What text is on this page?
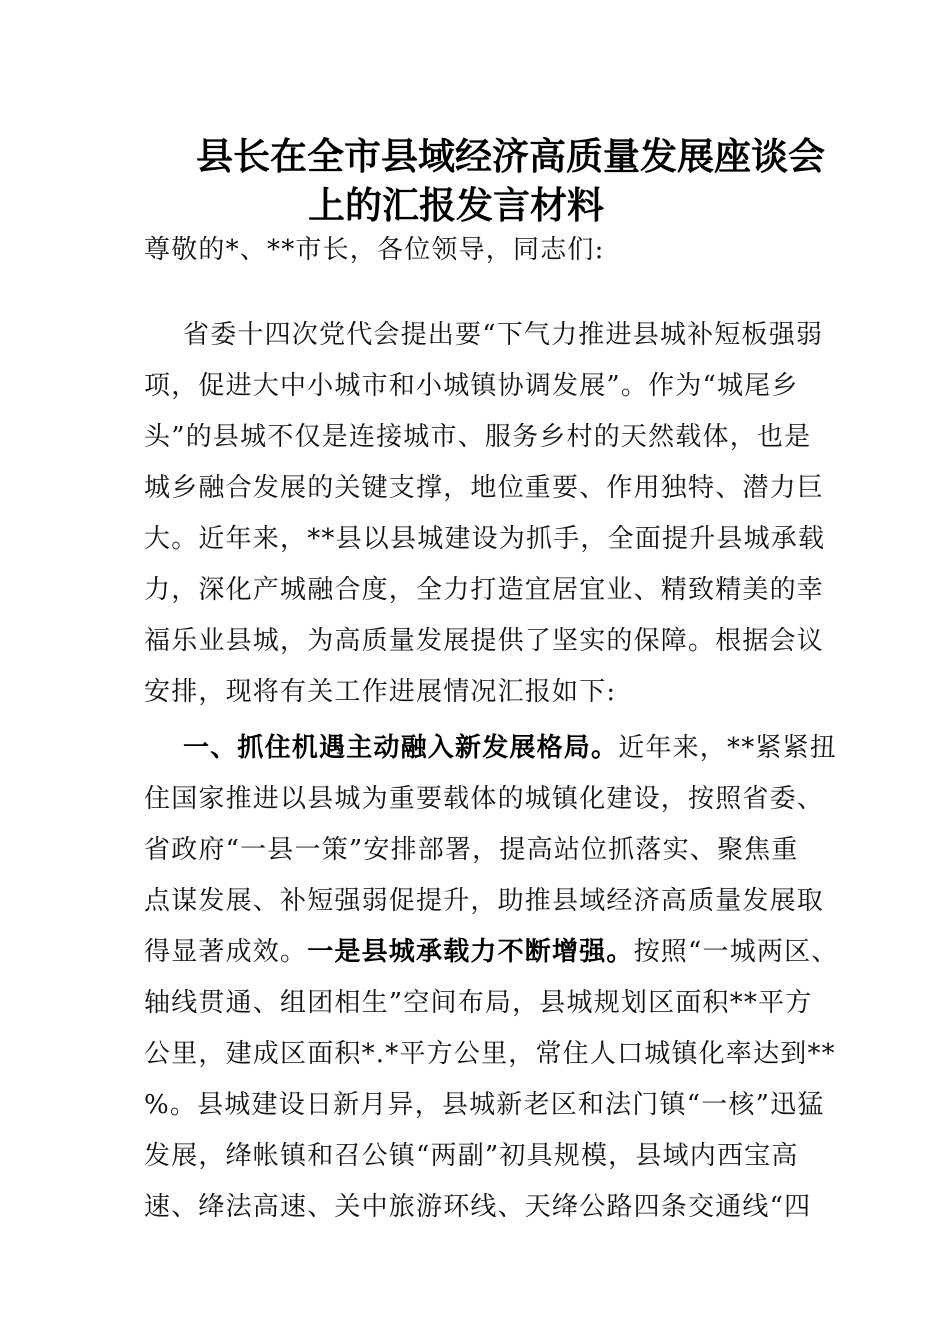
县长在全市县域经济高质量发展座谈会
上的汇报发言材料
尊敬的*、**市长，各位领导，同志们:
省委十四次党代会提出要“下气力推进县城补短板强弱
项，促进大中小城市和小城镇协调发展”。作为“城尾乡
头”的县城不仅是连接城市、服务乡村的天然载体，也是
城乡融合发展的关键支撑，地位重要、作用独特、潜力巨
大。近年来，**县以县城建设为抓手，全面提升县城承载
力，深化产城融合度，全力打造宜居宜业、精致精美的幸
福乐业县城，为高质量发展提供了坚实的保障。根据会议
安排，现将有关工作进展情况汇报如下:
一、抓住机遇主动融入新发展格局。近年来，**紧紧扭
住国家推进以县城为重要载体的城镇化建设，按照省委、
省政府“一县一策”安排部署，提高站位抓落实、聚焦重
点谋发展、补短强弱促提升，助推县域经济高质量发展取
得显著成效。一是县城承载力不断增强。按照“一城两区、
轴线贯通、组团相生”空间布局，县城规划区面积**平方
公里，建成区面积*.*平方公里，常住人口城镇化率达到**
%。县城建设日新月异，县城新老区和法门镇“一核”迅猛
发展，绛帐镇和召公镇“两副”初具规模，县域内西宝高
速、绛法高速、关中旅游环线、天绛公路四条交通线“四
